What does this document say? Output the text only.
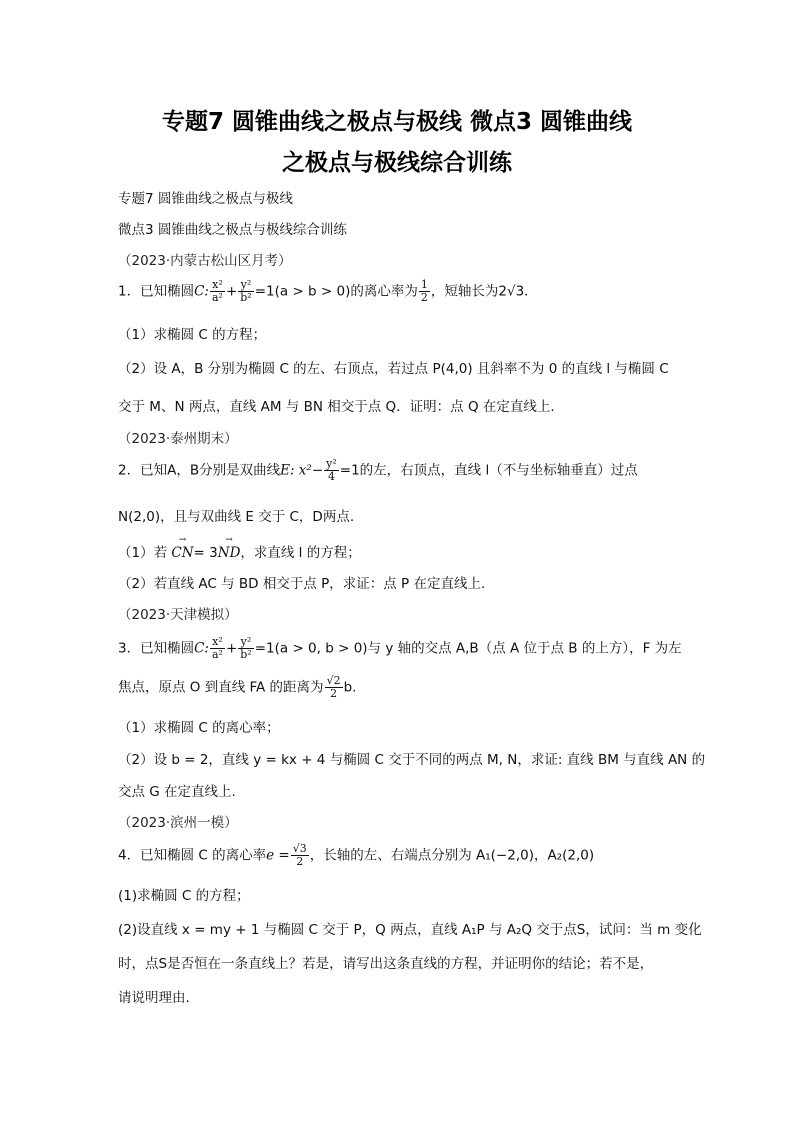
专题7 圆锥曲线之极点与极线 微点3 圆锥曲线
之极点与极线综合训练
专题7 圆锥曲线之极点与极线
微点3 圆锥曲线之极点与极线综合训练
（2023·内蒙古松山区月考）
1．已知椭圆C: $\frac{\text{x²}}{\text{a²}} + \frac{\text{y²}}{\text{b²}} =1(a > b > 0)$的离心率为 $\frac{1}{2}$ ，短轴长为2√3．
（1）求椭圆 C 的方程；
（2）设 A，B 分别为椭圆 C 的左、右顶点，若过点 P(4,0) 且斜率不为 0 的直线 l 与椭圆 C
交于 M、N 两点，直线 AM 与 BN 相交于点 Q．证明：点 Q 在定直线上．
（2023·泰州期末）
2．已知A，B分别是双曲线E: $x^2- \frac{\text{y²}}{4} =1$的左，右顶点，直线 l（不与坐标轴垂直）过点
N(2,0)，且与双曲线 E 交于 C，D两点.
（1）若 → CN= 3→ ND，求直线 l 的方程；
（2）若直线 AC 与 BD 相交于点 P，求证：点 P 在定直线上.
（2023·天津模拟）
3．已知椭圆C: $\frac{\text{x²}}{\text{a²}} + \frac{\text{y²}}{\text{b²}} =1(a > 0$, b > 0)与 y 轴的交点 A,B（点 A 位于点 B 的上方），F 为左
焦点，原点 O 到直线 FA 的距离为 $\frac{√2}{2} b$.
（1）求椭圆 C 的离心率；
（2）设 b = 2，直线 y = kx + 4 与椭圆 C 交于不同的两点 M, N，求证: 直线 BM 与直线 AN 的
交点 G 在定直线上.
（2023·滨州一模）
4．已知椭圆 C 的离心率$e = \frac{√3}{2}$ ，长轴的左、右端点分别为 A₁(−2,0)，A₂(2,0)
(1)求椭圆 C 的方程；
(2)设直线 x = my + 1 与椭圆 C 交于 P，Q 两点，直线 A₁P 与 A₂Q 交于点S，试问：当 m 变化
时，点S是否恒在一条直线上？若是，请写出这条直线的方程，并证明你的结论；若不是，
请说明理由.
